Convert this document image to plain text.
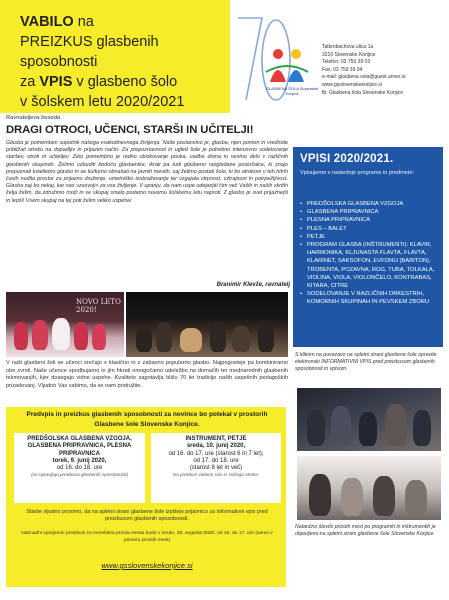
VABILO na
PREIZKUS glasbenih sposobnosti
za VPIS v glasbeno šolo
v šolskem letu 2020/2021
GLASBENA ŠOLA Slovenske Konjice
Tattenbachova ulica 1a
3210 Slovenske Konjice
Telefon: 03 759 39 03
Fax: 03 759 39 04
e-mail: glasbena.sola@guest.arnes.si
www.gsslovenskekonjice.si
fb: Glasbena šola Slovenske Konjice
Ravnateljeva beseda
DRAGI OTROCI, UČENCI, STARŠI IN UČITELJI!
Glasba je pomemben sopotnik našega vsakodnevnega življenja. Naše poslanstvo je, glasba, njen pomen in vrednote približati otroku na dopadljiv in prijazen način. Za prepoznavnost in ugled šole je potrebno intenzivno sodelovanje staršev, otrok in učiteljev. Zelo pomembno je redno obiskovanje pouka, vadba doma in vestno delo v različnih glasbenih skupinah. Želimo vzbuditi bodočo glasbenike, ikrati pa tudi glasbeno razgledane poslušalce, ki znajo prepoznati kvalitetno glasbo in se kulturno obnašati na javnih mestih, saj želimo postati šola, ki bo otrokom v teh hitrih časih nudila prostor za prijazno druženje, umetniško izobraževanje ter vzgajala strpnost, vztrajnost in potrpežljivost. Glasba naj bo nekaj, kar nas »zasvoji« za vse življenje. V upanju, da nam uspe udejanjiti čim več Vaših in naših skritih želja želim, da združimo moči in se skupaj smelo podamo novemu šolskemu letu naproti. Z glasbo je svet prijaznejši in lepši! Vsem skupaj na tej poti želim veliko uspeha!
Branimir Klevže, ravnatelj
NOVO LETO 2020!
V naši glasbeni šoli se učenci srečajo s klasično in z zabavno popularno glasbo. Najpogosteje pa kombiniramo obe zvrsti. Naše učence spodbujamo in jim hkrati omogočamo udeležbo na domačih ter mednarodnih glasbenih tekmovanjih, kjer dosegajo vidne uspehe. Kvaliteto zagotavlja bližu 70 let tradicije naših uspešnih pedagoških prizadevanj. Vljudno Vas vabimo, da se nam pridružite.
Predvpis in preizkus glasbenih sposobnosti za novince bo potekal v prostorih Glasbene šole Slovenske Konjice.
PREDŠOLSKA GLASBENA VZGOJA, GLASBENA PRIPRAVNICA, PLESNA PRIPRAVNICA
torek, 9. junij 2020,
od 16. do 18. ure
(ne opravljajo preizkusa glasbenih sposobnosti)
INSTRUMENT, PETJE
sreda, 10. junij 2020,
od 16. do 17. ure (starost 6 in 7 let),
od 17. do 18. ure
(starost 8 let in več)
Na preizkus vabimo Vas in Vašega otroka.
Starše vljudno prosimo, da na spletni strani glasbene šole izpišejo prijavnico za informativni vpis pred preizkusom glasbenih sposobnosti.
Naknadni sprejemni preizkusi za morebitna prosta mesta bodo v sredo, 26. avgusta 2020, od 16. do 17. ure (samo v primeru prostih mest)
www.gsslovenskekonjice.si
VPISI 2020/2021.
Vpisujemo v naslednje programe in predmete:
• PREDŠOLSKA GLASBENA VZGOJA
• GLASBENA PRIPRAVNICA
• PLESNA PRIPRAVNICA
• PLES – BALET
• PETJE
• PROGRAM GLASBA (INŠTRUMENTI): KLAVIR, HARMONIKA, KLJUNASTA FLAVTA, FLAVTA, KLARINET, SAKSOFON, EVFONIJ (BARITON), TROBENTA, POZAVNA, ROG, TUBA, TOLKALA, VIOLINA, VIOLA, VIOLONČELO, KONTRABAS, KITARA, CITRE
• SODELOVANJE V RAZLIČNIH ORKESTRIH, KOMORNIH SKUPINAH IN PEVSKEM ZBORU
S klikom na povezavo na spletni strani glasbene šole opravite elektronski INFORMATIVNI VPIS pred preizkusom glasbenih sposobnosti in vpisom.
Natančno število prostih mest po programih in inštrumentih je objavljeno na spletni strani glasbene šole Slovenske Konjice.
